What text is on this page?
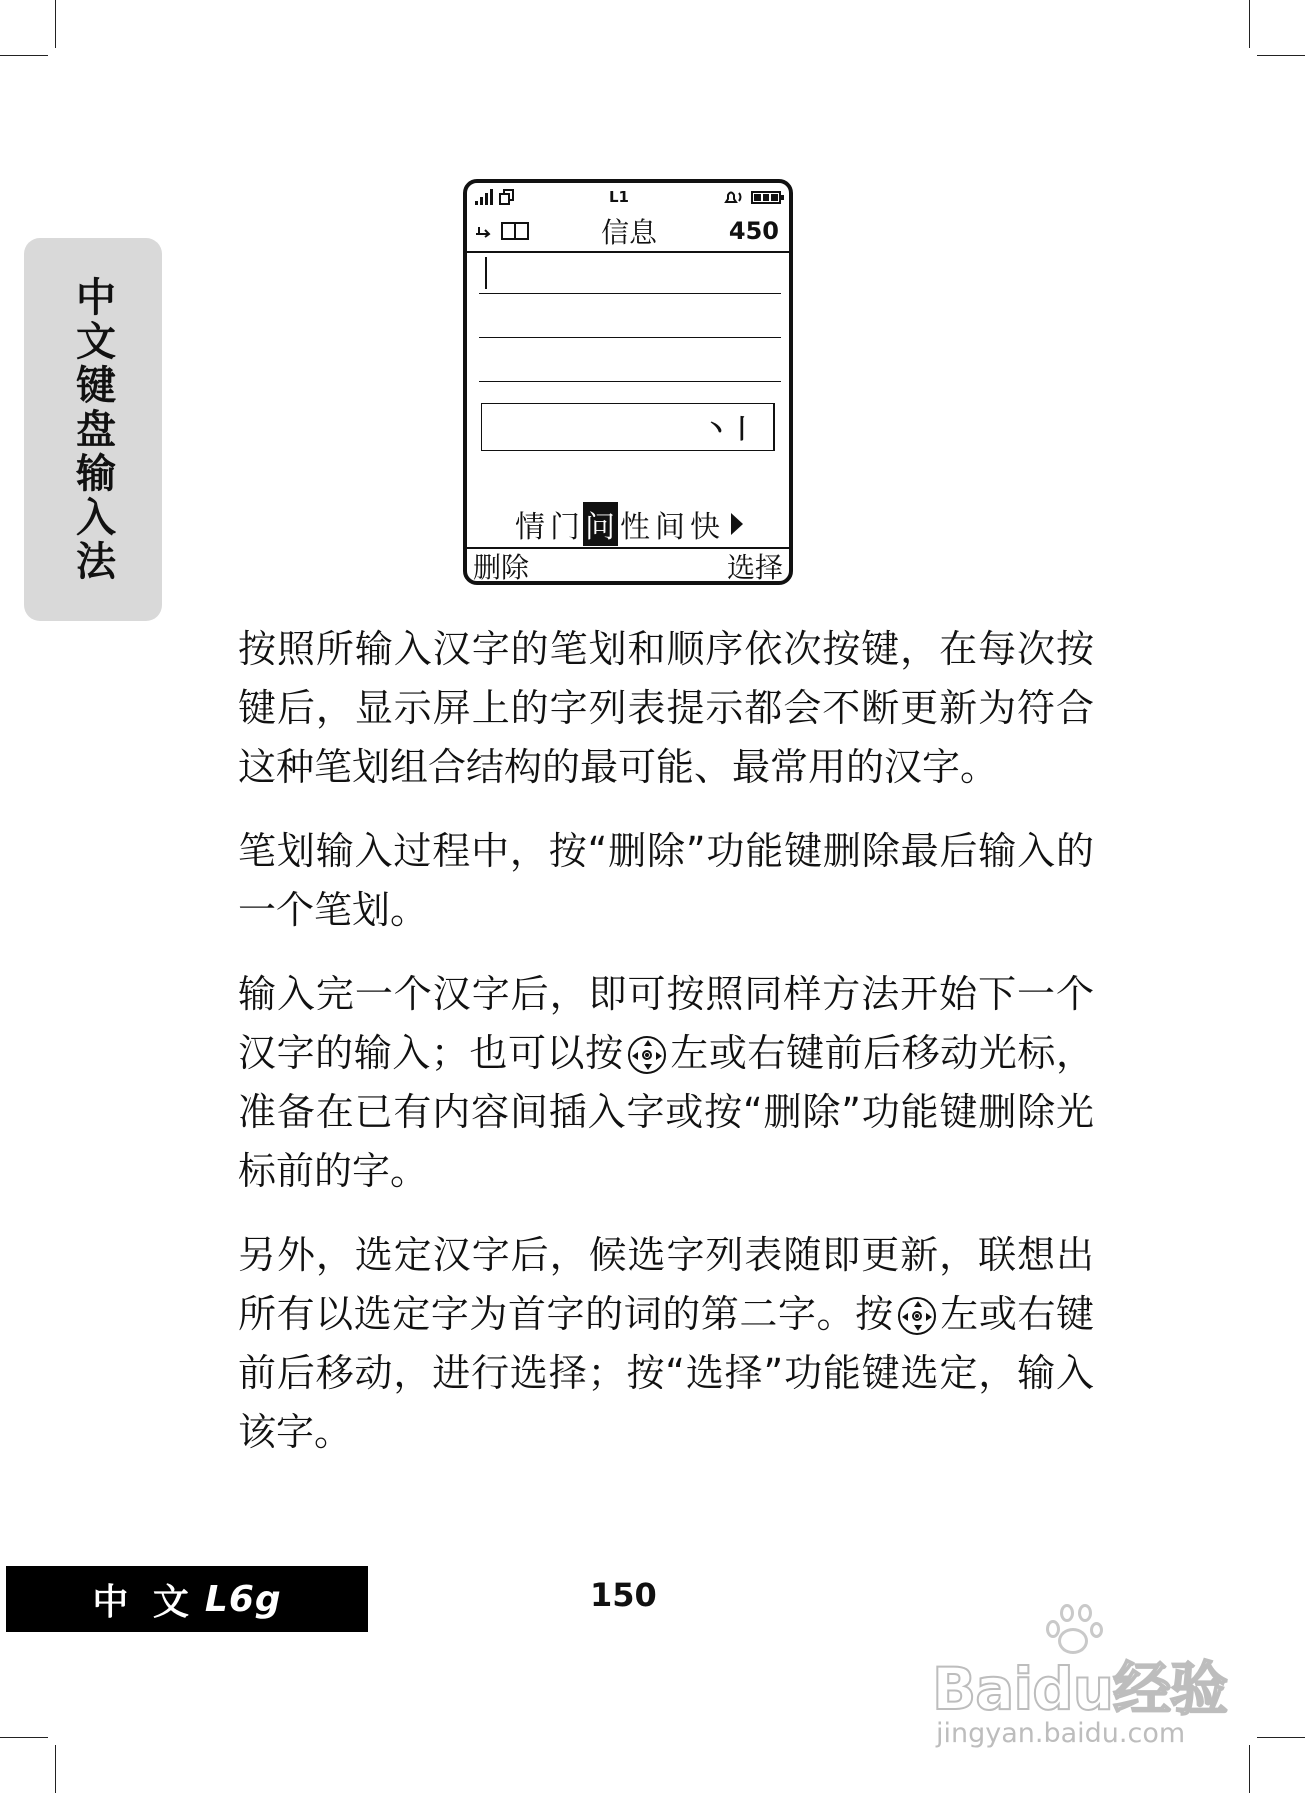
中文键盘输入法
L1
信息	450
丶丨
情 门 问 性 间 快
删除	选择

按照所输入汉字的笔划和顺序依次按键，在每次按键后，显示屏上的字列表提示都会不断更新为符合这种笔划组合结构的最可能、最常用的汉字。

笔划输入过程中，按“删除”功能键删除最后输入的一个笔划。

输入完一个汉字后，即可按照同样方法开始下一个汉字的输入；也可以按 左或右键前后移动光标，准备在已有内容间插入字或按“删除”功能键删除光标前的字。

另外，选定汉字后，候选字列表随即更新，联想出所有以选定字为首字的词的第二字。按 左或右键前后移动，进行选择；按“选择”功能键选定，输入该字。

中 文 L6g	150
Baidu经验
jingyan.baidu.com
